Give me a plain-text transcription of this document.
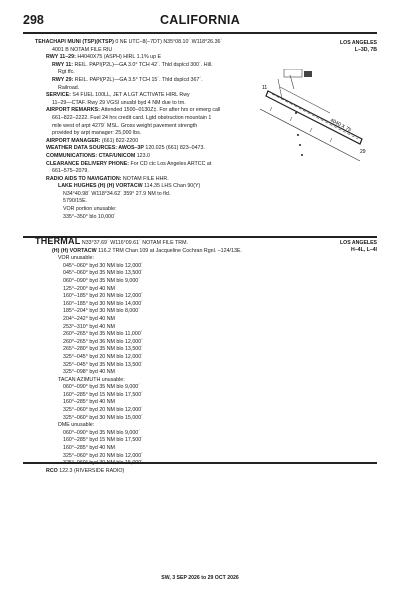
298	CALIFORNIA
TEHACHAPI MUNI (TSP)(KTSP) 0 NE UTC–8(–7DT) N35°08.10´ W118°26.36´
4001 B NOTAM FILE RIU
RWY 11–29: H4040X75 (ASPH) HIRL 1.1% up E
RWY 11: REIL. PAPI(P2L)—GA 3.0° TCH 42´. Thld dsplcd 300´. Hill.
Rgt tfc.
RWY 29: REIL. PAPI(P2L)—GA 3.5° TCH 15´. Thld dsplcd 367´.
Railroad.
SERVICE: S4 FUEL 100LL, JET A LGT ACTIVATE HIRL Rwy
11–29—CTAF. Rwy 29 VGSI unusbl byd 4 NM due to trn.
AIRPORT REMARKS: Attended 1500–0130Z‡. For after hrs or emerg call
661–822–2222. Fuel 24 hrs credit card. Lgtd obstruction mountain 1
mile west of arpt 4279´ MSL. Gross weight pavement strength
provided by arpt manager: 25,000 lbs.
AIRPORT MANAGER: (661) 822-2200
WEATHER DATA SOURCES: AWOS–3P 120.025 (661) 823–0473.
COMMUNICATIONS: CTAF/UNICOM 123.0
CLEARANCE DELIVERY PHONE: For CD ctc Los Angeles ARTCC at
661–575–2079.
RADIO AIDS TO NAVIGATION: NOTAM FILE HHR.
LAKE HUGHES (H) (H) VORTACW 114.35 LHS Chan 90(Y)
N34°40.98´ W118°34.62´ 359° 27.9 NM to fld.
5790/15E.
VOR portion unusable:
335°–350° blo 10,000´
LOS ANGELES
L–3D, 7B
4040 X 75
11
29
THERMAL N33°37.69´ W116°09.61´ NOTAM FILE TRM.
(H) (H) VORTACW 116.2 TRM Chan 109 at Jacqueline Cochran Rgnl. –124/13E.
VOR unusable:
045°–060° byd 30 NM blo 12,000´
045°–060° byd 35 NM blo 13,500´
060°–090° byd 35 NM blo 9,000´
125°–200° byd 40 NM
160°–185° byd 20 NM blo 12,000´
160°–185° byd 30 NM blo 14,000´
185°–204° byd 30 NM blo 8,000´
204°–242° byd 40 NM
253°–310° byd 40 NM
260°–265° byd 35 NM blo 11,000´
260°–265° byd 36 NM blo 12,000´
265°–280° byd 35 NM blo 13,500´
325°–045° byd 20 NM blo 12,000´
325°–045° byd 35 NM blo 13,500´
325°–098° byd 40 NM
TACAN AZIMUTH unusable:
060°–090° byd 35 NM blo 9,000´
160°–285° byd 15 NM blo 17,500´
160°–285° byd 40 NM
325°–060° byd 20 NM blo 12,000´
325°–060° byd 30 NM blo 15,000´
DME unusable:
060°–090° byd 35 NM blo 9,000´
160°–285° byd 15 NM blo 17,500´
160°–285° byd 40 NM
325°–060° byd 20 NM blo 12,000´
RCO 122.3 (RIVERSIDE RADIO)
LOS ANGELES
H–4L, L–4I
SW, 3 SEP 2026 to 29 OCT 2026
